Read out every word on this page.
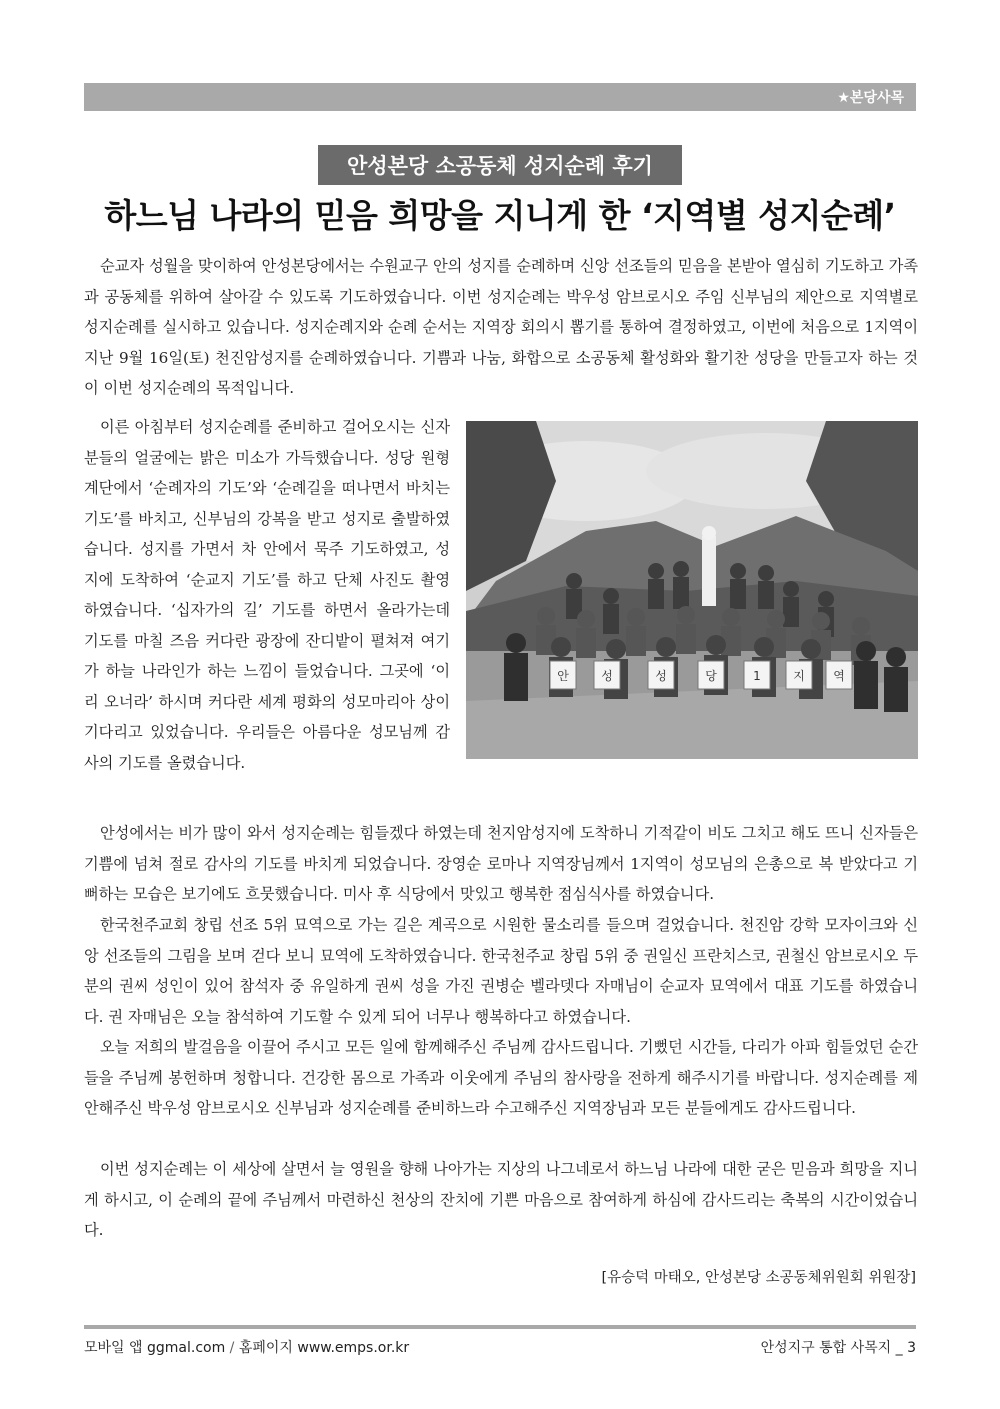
★본당사목
안성본당 소공동체 성지순례 후기
하느님 나라의 믿음 희망을 지니게 한 ‘지역별 성지순례’

순교자 성월을 맞이하여 안성본당에서는 수원교구 안의 성지를 순례하며 신앙 선조들의 믿음을 본받아 열심히 기도하고 가족과 공동체를 위하여 살아갈 수 있도록 기도하였습니다. 이번 성지순례는 박우성 암브로시오 주임 신부님의 제안으로 지역별로 성지순례를 실시하고 있습니다. 성지순례지와 순례 순서는 지역장 회의시 뽑기를 통하여 결정하였고, 이번에 처음으로 1지역이 지난 9월 16일(토) 천진암성지를 순례하였습니다. 기쁨과 나눔, 화합으로 소공동체 활성화와 활기찬 성당을 만들고자 하는 것이 이번 성지순례의 목적입니다.

이른 아침부터 성지순례를 준비하고 걸어오시는 신자분들의 얼굴에는 밝은 미소가 가득했습니다. 성당 원형 계단에서 ‘순례자의 기도’와 ‘순례길을 떠나면서 바치는 기도’를 바치고, 신부님의 강복을 받고 성지로 출발하였습니다. 성지를 가면서 차 안에서 묵주 기도하였고, 성지에 도착하여 ‘순교지 기도’를 하고 단체 사진도 촬영하였습니다. ‘십자가의 길’ 기도를 하면서 올라가는데 기도를 마칠 즈음 커다란 광장에 잔디밭이 펼쳐져 여기가 하늘 나라인가 하는 느낌이 들었습니다. 그곳에 ‘이리 오너라’ 하시며 커다란 세계 평화의 성모마리아 상이 기다리고 있었습니다. 우리들은 아름다운 성모님께 감사의 기도를 올렸습니다.

안	성	성	당	1	지 역

안성에서는 비가 많이 와서 성지순례는 힘들겠다 하였는데 천지암성지에 도착하니 기적같이 비도 그치고 해도 뜨니 신자들은 기쁨에 넘쳐 절로 감사의 기도를 바치게 되었습니다. 장영순 로마나 지역장님께서 1지역이 성모님의 은총으로 복 받았다고 기뻐하는 모습은 보기에도 흐뭇했습니다. 미사 후 식당에서 맛있고 행복한 점심식사를 하였습니다.

한국천주교회 창립 선조 5위 묘역으로 가는 길은 계곡으로 시원한 물소리를 들으며 걸었습니다. 천진암 강학 모자이크와 신앙 선조들의 그림을 보며 걷다 보니 묘역에 도착하였습니다. 한국천주교 창립 5위 중 권일신 프란치스코, 권철신 암브로시오 두 분의 권씨 성인이 있어 참석자 중 유일하게 권씨 성을 가진 권병순 벨라뎃다 자매님이 순교자 묘역에서 대표 기도를 하였습니다. 권 자매님은 오늘 참석하여 기도할 수 있게 되어 너무나 행복하다고 하였습니다.

오늘 저희의 발걸음을 이끌어 주시고 모든 일에 함께해주신 주님께 감사드립니다. 기뻤던 시간들, 다리가 아파 힘들었던 순간들을 주님께 봉헌하며 청합니다. 건강한 몸으로 가족과 이웃에게 주님의 참사랑을 전하게 해주시기를 바랍니다. 성지순례를 제안해주신 박우성 암브로시오 신부님과 성지순례를 준비하느라 수고해주신 지역장님과 모든 분들에게도 감사드립니다.

이번 성지순례는 이 세상에 살면서 늘 영원을 향해 나아가는 지상의 나그네로서 하느님 나라에 대한 굳은 믿음과 희망을 지니게 하시고, 이 순례의 끝에 주님께서 마련하신 천상의 잔치에 기쁜 마음으로 참여하게 하심에 감사드리는 축복의 시간이었습니다.

[유승덕 마태오, 안성본당 소공동체위원회 위원장]
모바일 앱 ggmal.com / 홈페이지 www.emps.or.kr	안성지구 통합 사목지 _ 3
